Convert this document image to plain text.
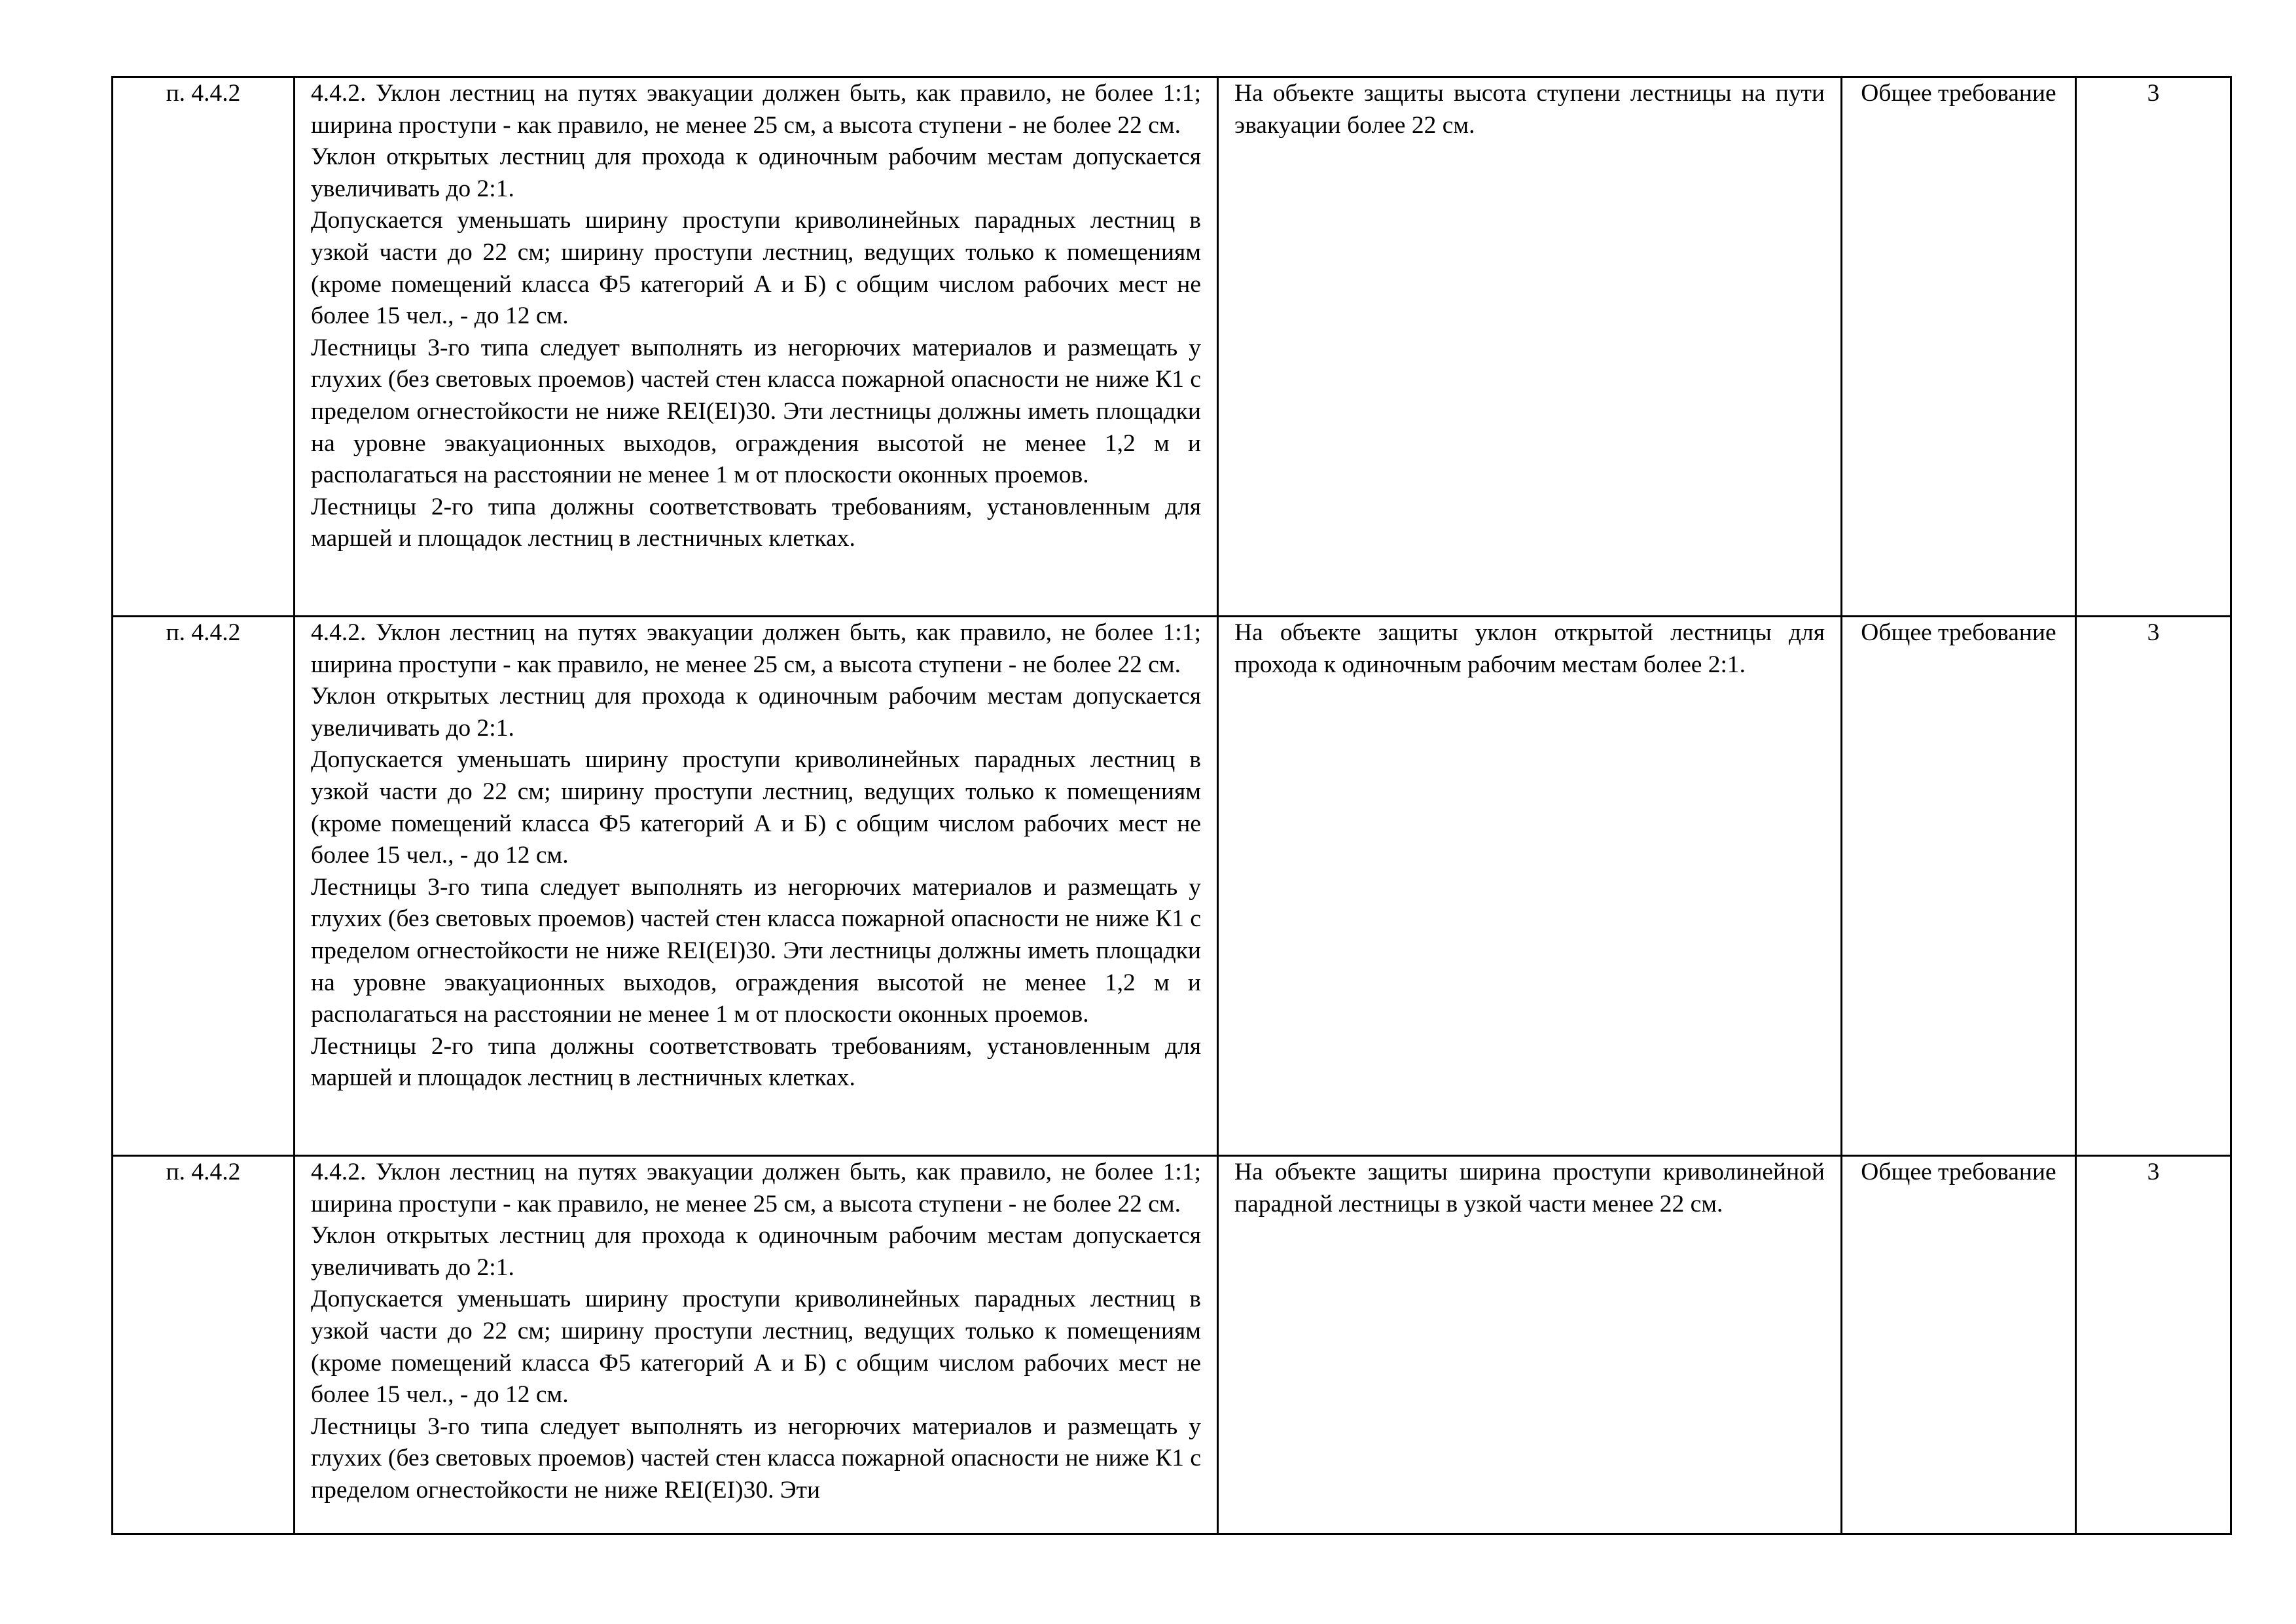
п. 4.4.2	4.4.2. Уклон лестниц на путях эвакуации должен быть, как правило, не более 1:1; ширина проступи - как правило, не менее 25 см, а высота ступени - не более 22 см.
Уклон открытых лестниц для прохода к одиночным рабочим местам допускается увеличивать до 2:1.
Допускается уменьшать ширину проступи криволинейных парадных лестниц в узкой части до 22 см; ширину проступи лестниц, ведущих только к помещениям (кроме помещений класса Ф5 категорий А и Б) с общим числом рабочих мест не более 15 чел., - до 12 см.
Лестницы 3-го типа следует выполнять из негорючих материалов и размещать у глухих (без световых проемов) частей стен класса пожарной опасности не ниже К1 с пределом огнестойкости не ниже REI(EI)30. Эти лестницы должны иметь площадки на уровне эвакуационных выходов, ограждения высотой не менее 1,2 м и располагаться на расстоянии не менее 1 м от плоскости оконных проемов.
Лестницы 2-го типа должны соответствовать требованиям, установленным для маршей и площадок лестниц в лестничных клетках.	На объекте защиты высота ступени лестницы на пути эвакуации более 22 см.	Общее требование	3
п. 4.4.2	4.4.2. Уклон лестниц на путях эвакуации должен быть, как правило, не более 1:1; ширина проступи - как правило, не менее 25 см, а высота ступени - не более 22 см.
Уклон открытых лестниц для прохода к одиночным рабочим местам допускается увеличивать до 2:1.
Допускается уменьшать ширину проступи криволинейных парадных лестниц в узкой части до 22 см; ширину проступи лестниц, ведущих только к помещениям (кроме помещений класса Ф5 категорий А и Б) с общим числом рабочих мест не более 15 чел., - до 12 см.
Лестницы 3-го типа следует выполнять из негорючих материалов и размещать у глухих (без световых проемов) частей стен класса пожарной опасности не ниже К1 с пределом огнестойкости не ниже REI(EI)30. Эти лестницы должны иметь площадки на уровне эвакуационных выходов, ограждения высотой не менее 1,2 м и располагаться на расстоянии не менее 1 м от плоскости оконных проемов.
Лестницы 2-го типа должны соответствовать требованиям, установленным для маршей и площадок лестниц в лестничных клетках.	На объекте защиты уклон открытой лестницы для прохода к одиночным рабочим местам более 2:1.	Общее требование	3
п. 4.4.2	4.4.2. Уклон лестниц на путях эвакуации должен быть, как правило, не более 1:1; ширина проступи - как правило, не менее 25 см, а высота ступени - не более 22 см.
Уклон открытых лестниц для прохода к одиночным рабочим местам допускается увеличивать до 2:1.
Допускается уменьшать ширину проступи криволинейных парадных лестниц в узкой части до 22 см; ширину проступи лестниц, ведущих только к помещениям (кроме помещений класса Ф5 категорий А и Б) с общим числом рабочих мест не более 15 чел., - до 12 см.
Лестницы 3-го типа следует выполнять из негорючих материалов и размещать у глухих (без световых проемов) частей стен класса пожарной опасности не ниже К1 с пределом огнестойкости не ниже REI(EI)30. Эти	На объекте защиты ширина проступи криволинейной парадной лестницы в узкой части менее 22 см.	Общее требование	3
